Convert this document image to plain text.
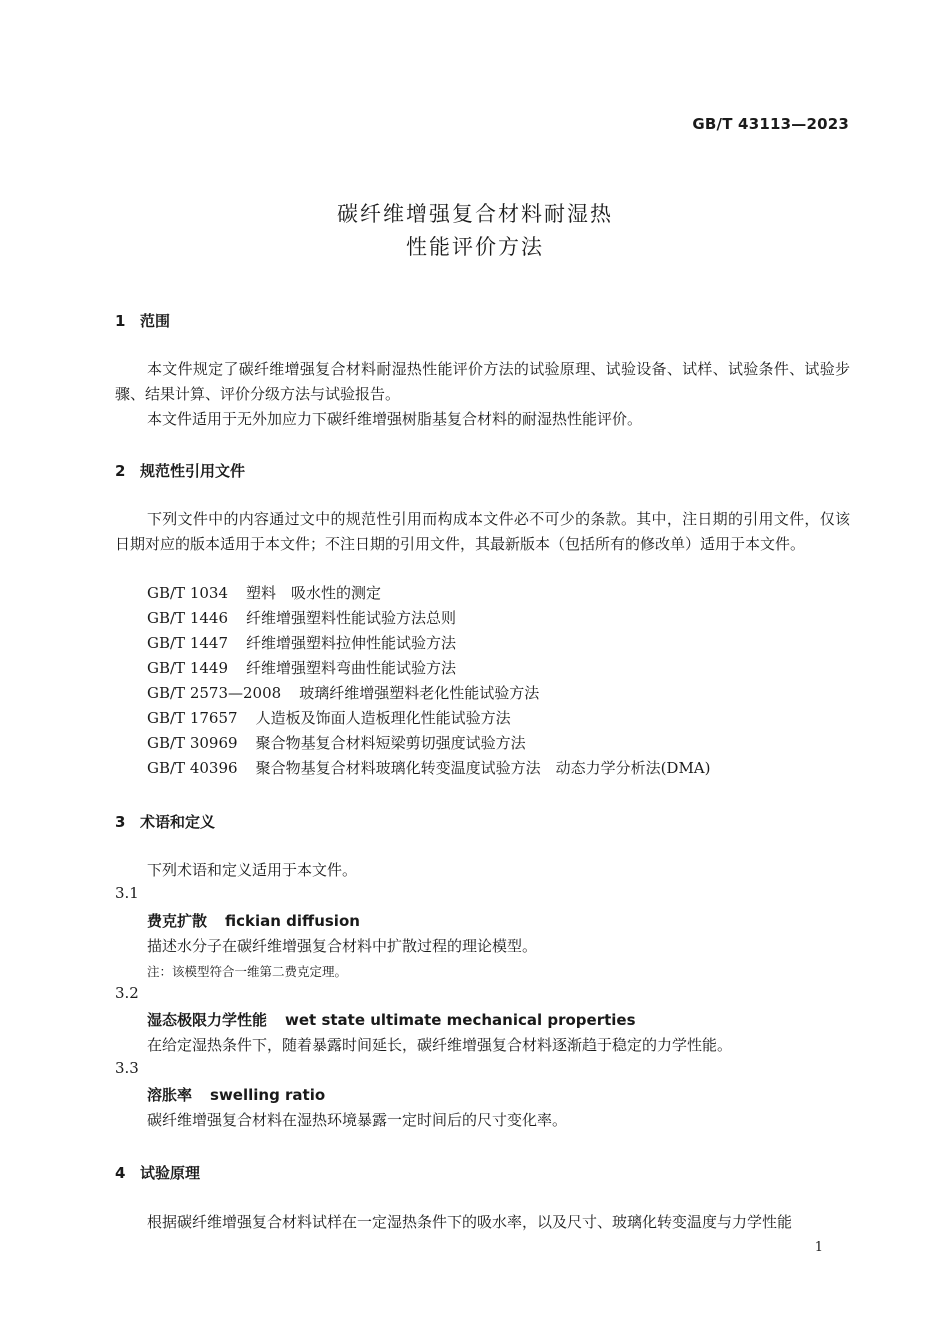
GB/T 43113—2023
碳纤维增强复合材料耐湿热
性能评价方法
1 范围

本文件规定了碳纤维增强复合材料耐湿热性能评价方法的试验原理、试验设备、试样、试验条件、试验步骤、结果计算、评价分级方法与试验报告。

本文件适用于无外加应力下碳纤维增强树脂基复合材料的耐湿热性能评价。

2 规范性引用文件

下列文件中的内容通过文中的规范性引用而构成本文件必不可少的条款。其中，注日期的引用文件，仅该日期对应的版本适用于本文件；不注日期的引用文件，其最新版本（包括所有的修改单）适用于本文件。

GB/T 1034 塑料　吸水性的测定
GB/T 1446 纤维增强塑料性能试验方法总则
GB/T 1447 纤维增强塑料拉伸性能试验方法
GB/T 1449 纤维增强塑料弯曲性能试验方法
GB/T 2573—2008 玻璃纤维增强塑料老化性能试验方法
GB/T 17657 人造板及饰面人造板理化性能试验方法
GB/T 30969 聚合物基复合材料短梁剪切强度试验方法
GB/T 40396 聚合物基复合材料玻璃化转变温度试验方法　动态力学分析法(DMA)
3 术语和定义
下列术语和定义适用于本文件。
3.1
费克扩散 fickian diffusion
描述水分子在碳纤维增强复合材料中扩散过程的理论模型。
注：该模型符合一维第二费克定理。
3.2
湿态极限力学性能 wet state ultimate mechanical properties
在给定湿热条件下，随着暴露时间延长，碳纤维增强复合材料逐渐趋于稳定的力学性能。
3.3
溶胀率 swelling ratio
碳纤维增强复合材料在湿热环境暴露一定时间后的尺寸变化率。
4 试验原理
根据碳纤维增强复合材料试样在一定湿热条件下的吸水率，以及尺寸、玻璃化转变温度与力学性能
1
